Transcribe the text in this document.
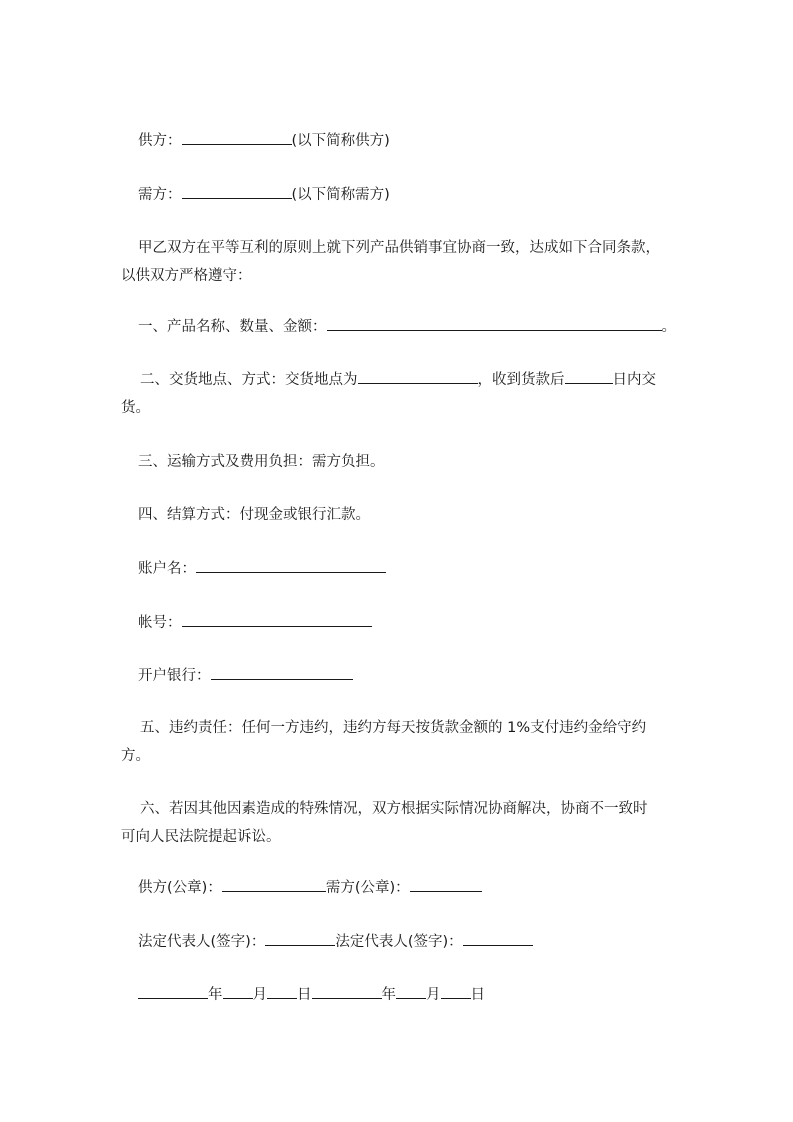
供方：	(以下简称供方)
需方：	(以下简称需方)
甲乙双方在平等互利的原则上就下列产品供销事宜协商一致，达成如下合同条款，
以供双方严格遵守：
一、产品名称、数量、金额：	。
二、交货地点、方式：交货地点为	，收到货款后	日内交
货。
三、运输方式及费用负担：需方负担。
四、结算方式：付现金或银行汇款。
账户名：
帐号：
开户银行：
五、违约责任：任何一方违约，违约方每天按货款金额的 1%支付违约金给守约
方。
六、若因其他因素造成的特殊情况，双方根据实际情况协商解决，协商不一致时
可向人民法院提起诉讼。
供方(公章)：	需方(公章)：
法定代表人(签字)：	法定代表人(签字)：
年 月 日	年 月 日
